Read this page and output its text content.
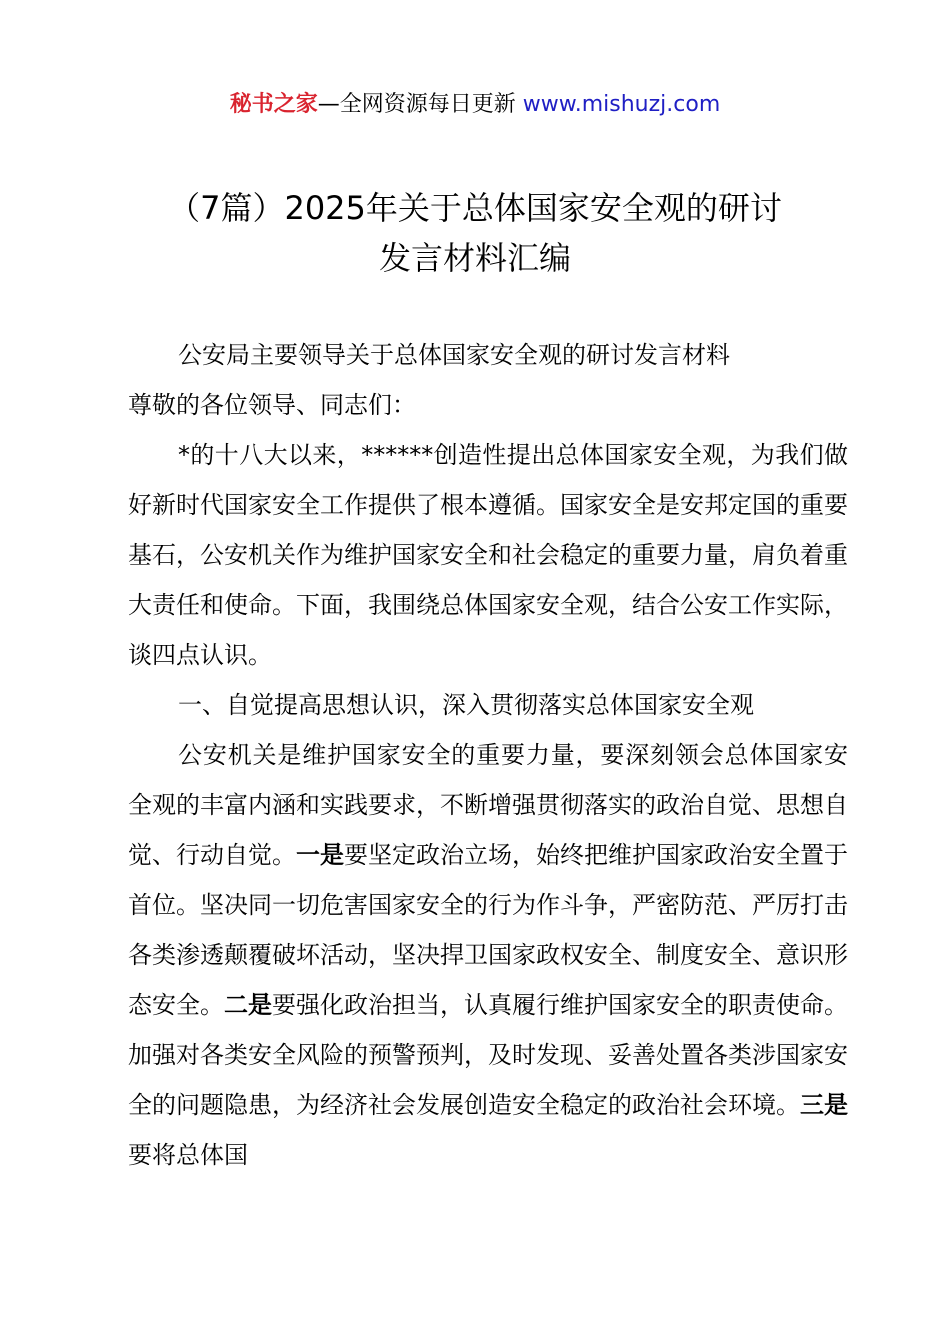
秘书之家—全网资源每日更新 www.mishuzj.com
（7篇）2025年关于总体国家安全观的研讨
发言材料汇编

公安局主要领导关于总体国家安全观的研讨发言材料

尊敬的各位领导、同志们：

*的十八大以来，******创造性提出总体国家安全观，为我们做好新时代国家安全工作提供了根本遵循。国家安全是安邦定国的重要基石，公安机关作为维护国家安全和社会稳定的重要力量，肩负着重大责任和使命。下面，我围绕总体国家安全观，结合公安工作实际，谈四点认识。

一、自觉提高思想认识，深入贯彻落实总体国家安全观

公安机关是维护国家安全的重要力量，要深刻领会总体国家安全观的丰富内涵和实践要求，不断增强贯彻落实的政治自觉、思想自觉、行动自觉。一是要坚定政治立场，始终把维护国家政治安全置于首位。坚决同一切危害国家安全的行为作斗争，严密防范、严厉打击各类渗透颠覆破坏活动，坚决捍卫国家政权安全、制度安全、意识形态安全。二是要强化政治担当，认真履行维护国家安全的职责使命。加强对各类安全风险的预警预判，及时发现、妥善处置各类涉国家安全的问题隐患，为经济社会发展创造安全稳定的政治社会环境。三是要将总体国
